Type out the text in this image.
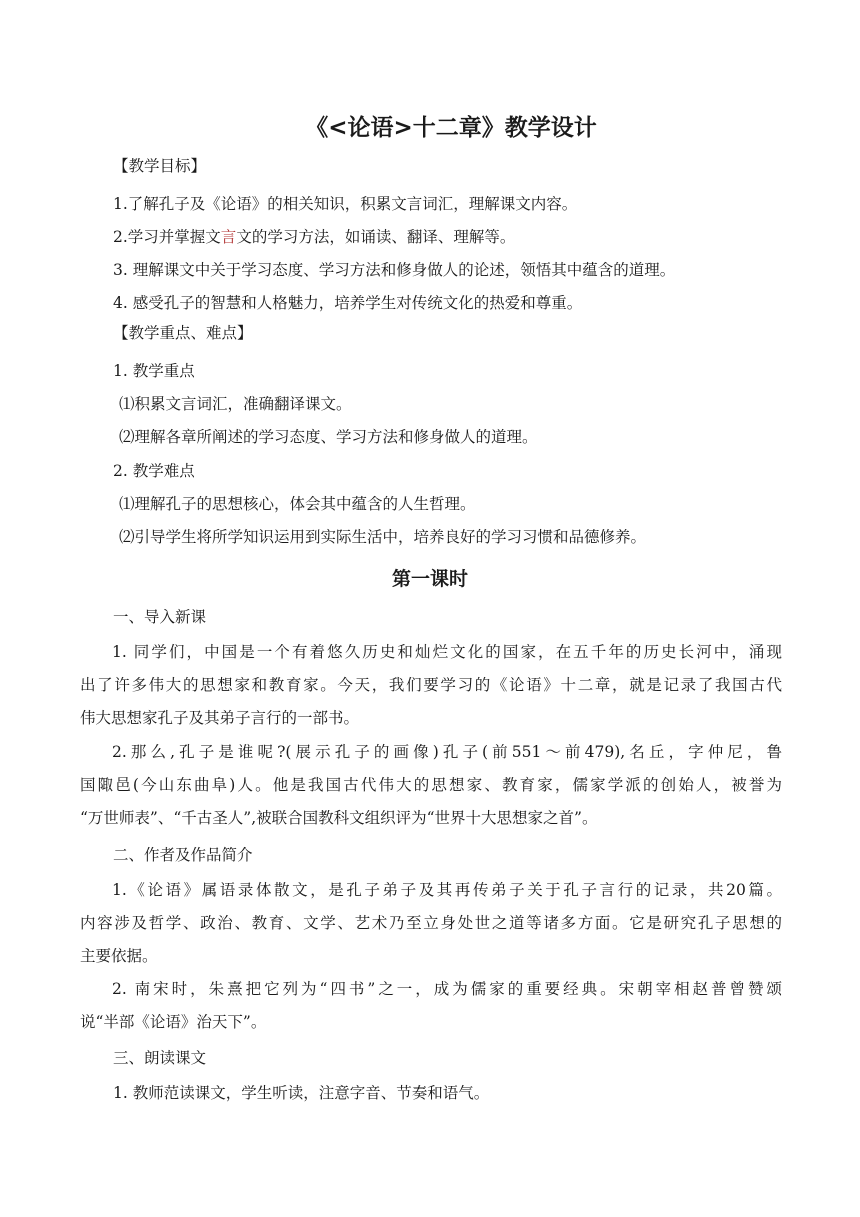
《<论语>十二章》教学设计
【教学目标】
1.了解孔子及《论语》的相关知识，积累文言词汇，理解课文内容。
2.学习并掌握文言文的学习方法，如诵读、翻译、理解等。
3. 理解课文中关于学习态度、学习方法和修身做人的论述，领悟其中蕴含的道理。
4. 感受孔子的智慧和人格魅力，培养学生对传统文化的热爱和尊重。
【教学重点、难点】
1. 教学重点
⑴积累文言词汇，准确翻译课文。
⑵理解各章所阐述的学习态度、学习方法和修身做人的道理。
2. 教学难点
⑴理解孔子的思想核心，体会其中蕴含的人生哲理。
⑵引导学生将所学知识运用到实际生活中，培养良好的学习习惯和品德修养。
第一课时
一、导入新课
1. 同学们，中国是一个有着悠久历史和灿烂文化的国家，在五千年的历史长河中，涌现
出了许多伟大的思想家和教育家。今天，我们要学习的《论语》十二章，就是记录了我国古代
伟大思想家孔子及其弟子言行的一部书。
2.那么,孔子是谁呢?(展示孔子的画像)孔子(前551～前479),名丘，字仲尼，鲁
国陬邑(今山东曲阜)人。他是我国古代伟大的思想家、教育家，儒家学派的创始人，被誉为
“万世师表”、“千古圣人”,被联合国教科文组织评为“世界十大思想家之首”。
二、作者及作品简介
1.《论语》属语录体散文，是孔子弟子及其再传弟子关于孔子言行的记录，共20篇。
内容涉及哲学、政治、教育、文学、艺术乃至立身处世之道等诸多方面。它是研究孔子思想的
主要依据。
2. 南宋时，朱熹把它列为“四书”之一，成为儒家的重要经典。宋朝宰相赵普曾赞颂
说“半部《论语》治天下”。
三、朗读课文
1. 教师范读课文，学生听读，注意字音、节奏和语气。
